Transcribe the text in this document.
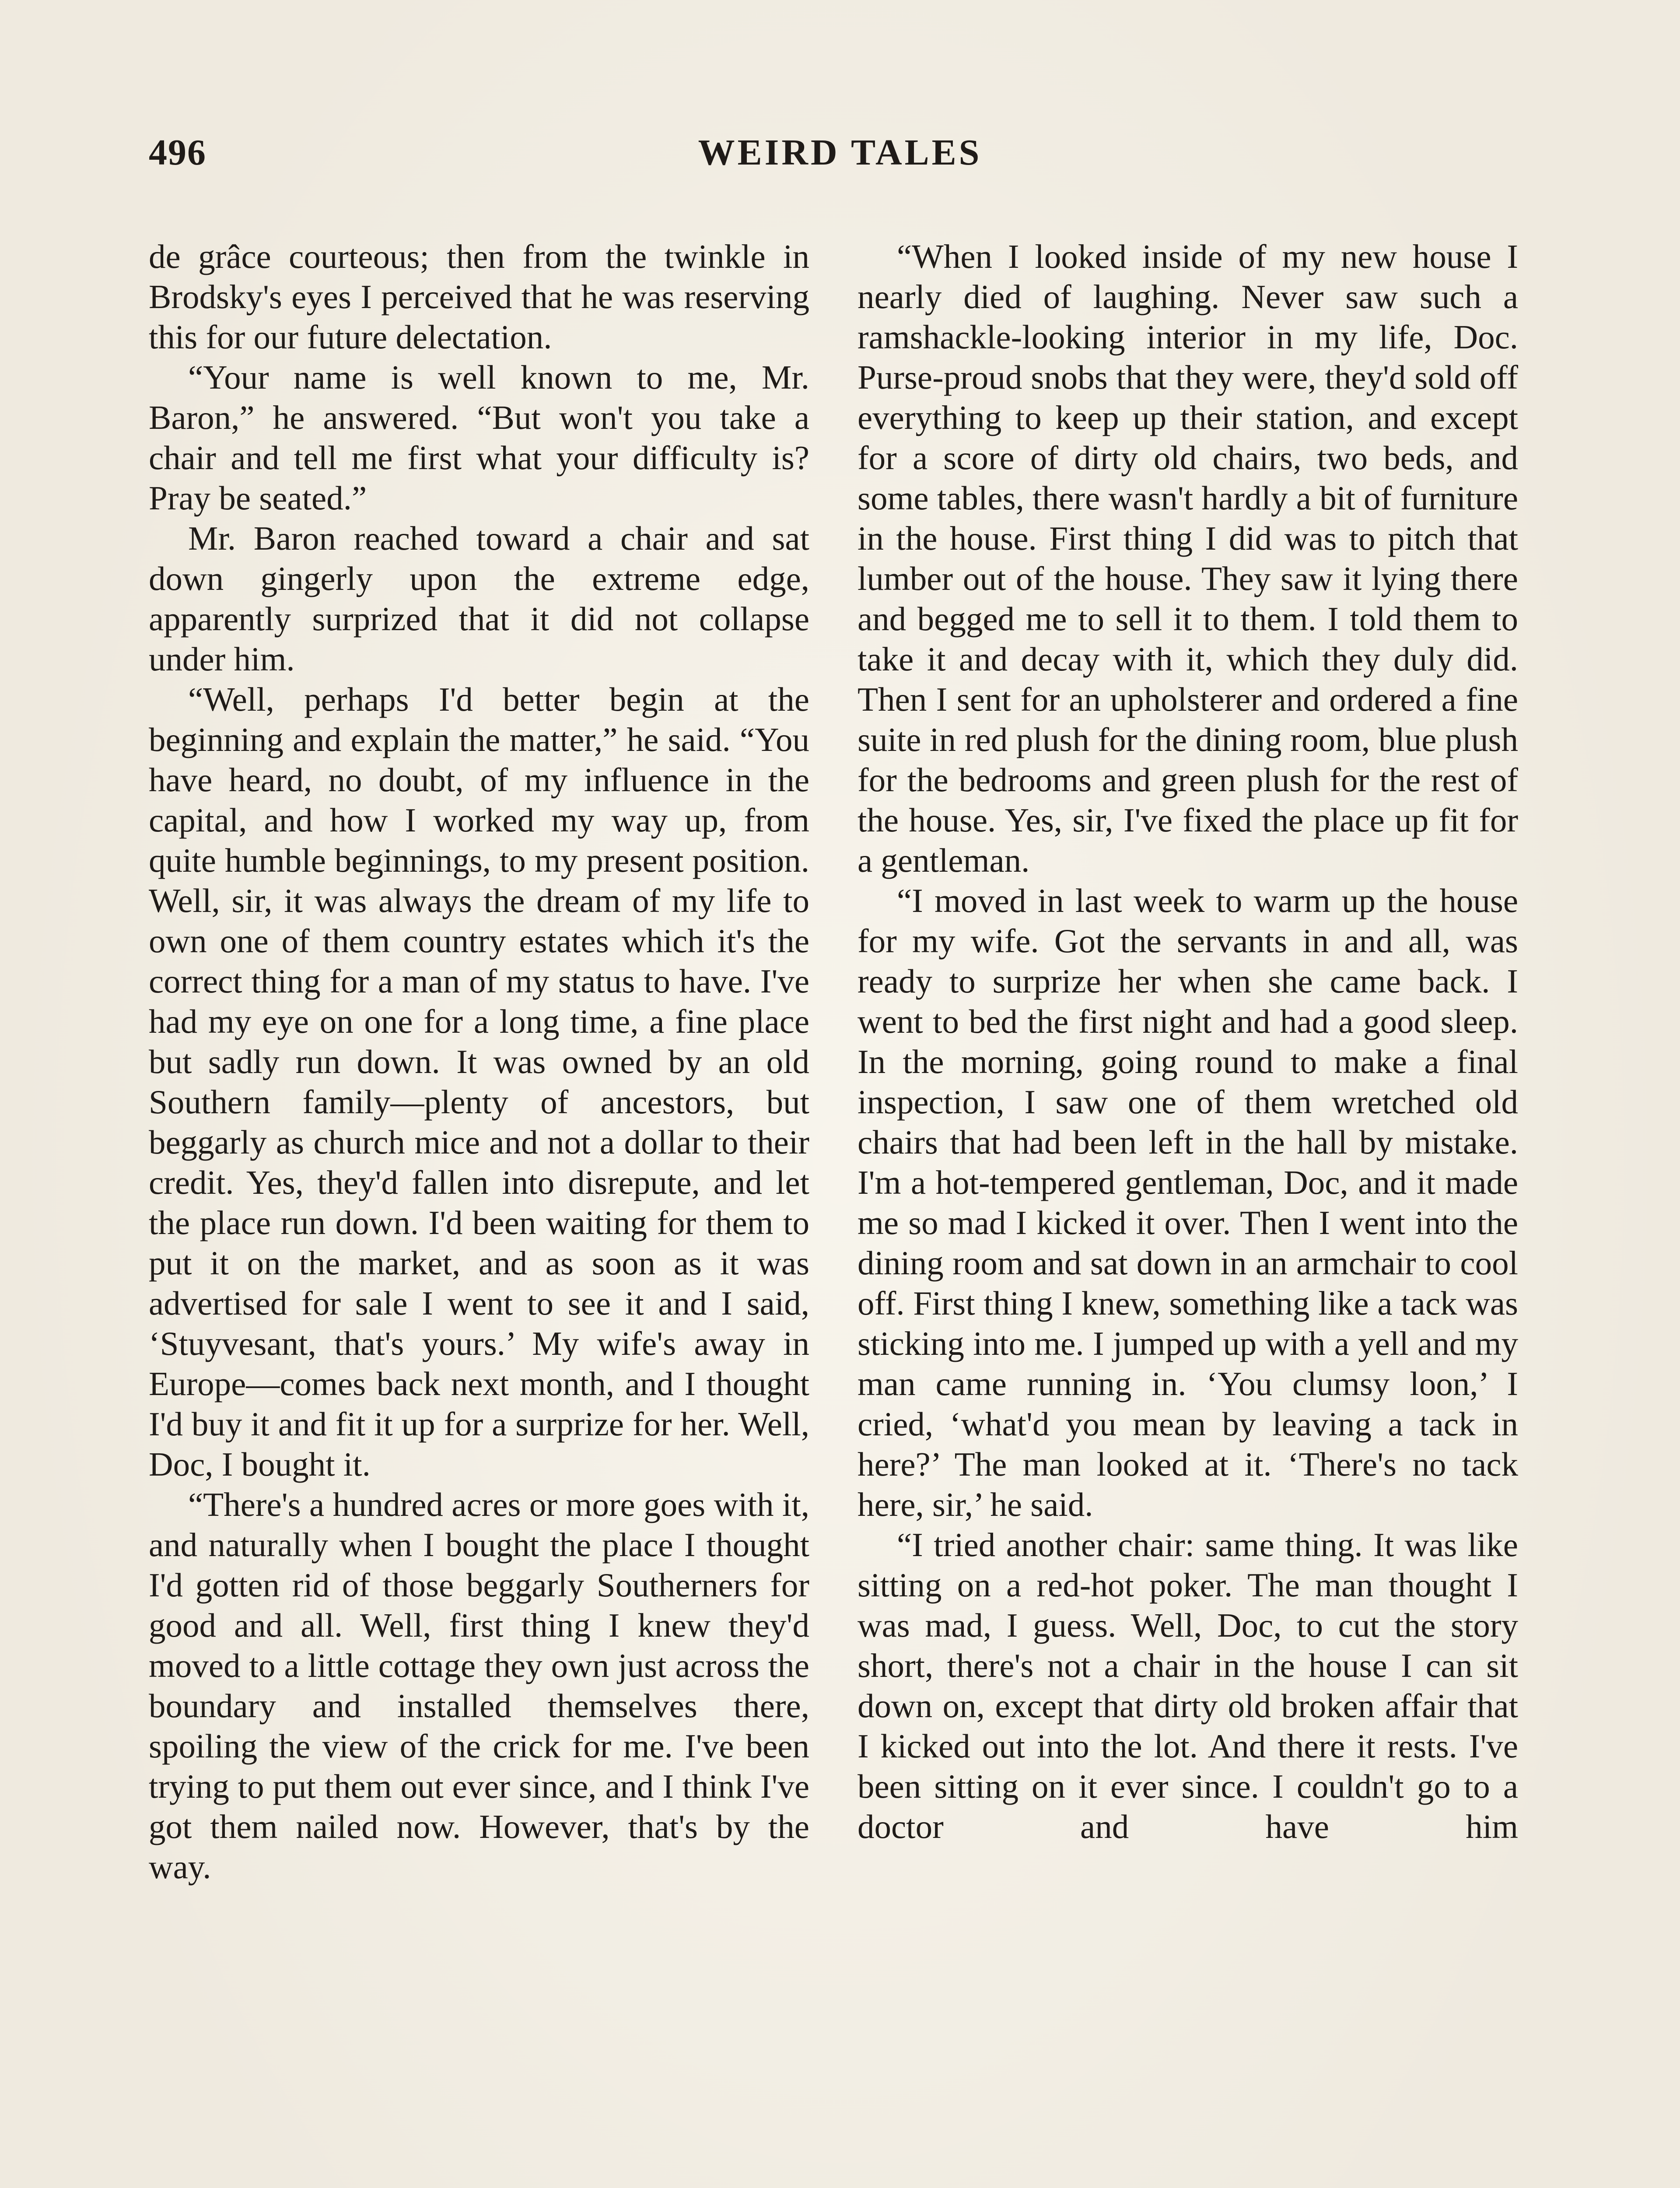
496	WEIRD TALES

de grâce courteous; then from the twinkle in Brodsky's eyes I perceived that he was reserving this for our future delectation.

“Your name is well known to me, Mr. Baron,” he answered. “But won't you take a chair and tell me first what your difficulty is? Pray be seated.”

Mr. Baron reached toward a chair and sat down gingerly upon the extreme edge, apparently surprized that it did not collapse under him.

“Well, perhaps I'd better begin at the beginning and explain the matter,” he said. “You have heard, no doubt, of my influence in the capital, and how I worked my way up, from quite humble beginnings, to my present position. Well, sir, it was always the dream of my life to own one of them country estates which it's the correct thing for a man of my status to have. I've had my eye on one for a long time, a fine place but sadly run down. It was owned by an old Southern family—plenty of ancestors, but beggarly as church mice and not a dollar to their credit. Yes, they'd fallen into disrepute, and let the place run down. I'd been waiting for them to put it on the market, and as soon as it was advertised for sale I went to see it and I said, ‘Stuyvesant, that's yours.’ My wife's away in Europe—comes back next month, and I thought I'd buy it and fit it up for a surprize for her. Well, Doc, I bought it.

“There's a hundred acres or more goes with it, and naturally when I bought the place I thought I'd gotten rid of those beggarly Southerners for good and all. Well, first thing I knew they'd moved to a little cottage they own just across the boundary and installed themselves there, spoiling the view of the crick for me. I've been trying to put them out ever since, and I think I've got them nailed now. However, that's by the way.

“When I looked inside of my new house I nearly died of laughing. Never saw such a ramshackle-looking interior in my life, Doc. Purse-proud snobs that they were, they'd sold off everything to keep up their station, and except for a score of dirty old chairs, two beds, and some tables, there wasn't hardly a bit of furniture in the house. First thing I did was to pitch that lumber out of the house. They saw it lying there and begged me to sell it to them. I told them to take it and decay with it, which they duly did. Then I sent for an upholsterer and ordered a fine suite in red plush for the dining room, blue plush for the bedrooms and green plush for the rest of the house. Yes, sir, I've fixed the place up fit for a gentleman.

“I moved in last week to warm up the house for my wife. Got the servants in and all, was ready to surprize her when she came back. I went to bed the first night and had a good sleep. In the morning, going round to make a final inspection, I saw one of them wretched old chairs that had been left in the hall by mistake. I'm a hot-tempered gentleman, Doc, and it made me so mad I kicked it over. Then I went into the dining room and sat down in an armchair to cool off. First thing I knew, something like a tack was sticking into me. I jumped up with a yell and my man came running in. ‘You clumsy loon,’ I cried, ‘what'd you mean by leaving a tack in here?’ The man looked at it. ‘There's no tack here, sir,’ he said.

“I tried another chair: same thing. It was like sitting on a red-hot poker. The man thought I was mad, I guess. Well, Doc, to cut the story short, there's not a chair in the house I can sit down on, except that dirty old broken affair that I kicked out into the lot. And there it rests. I've been sitting on it ever since. I couldn't go to a doctor and have him
